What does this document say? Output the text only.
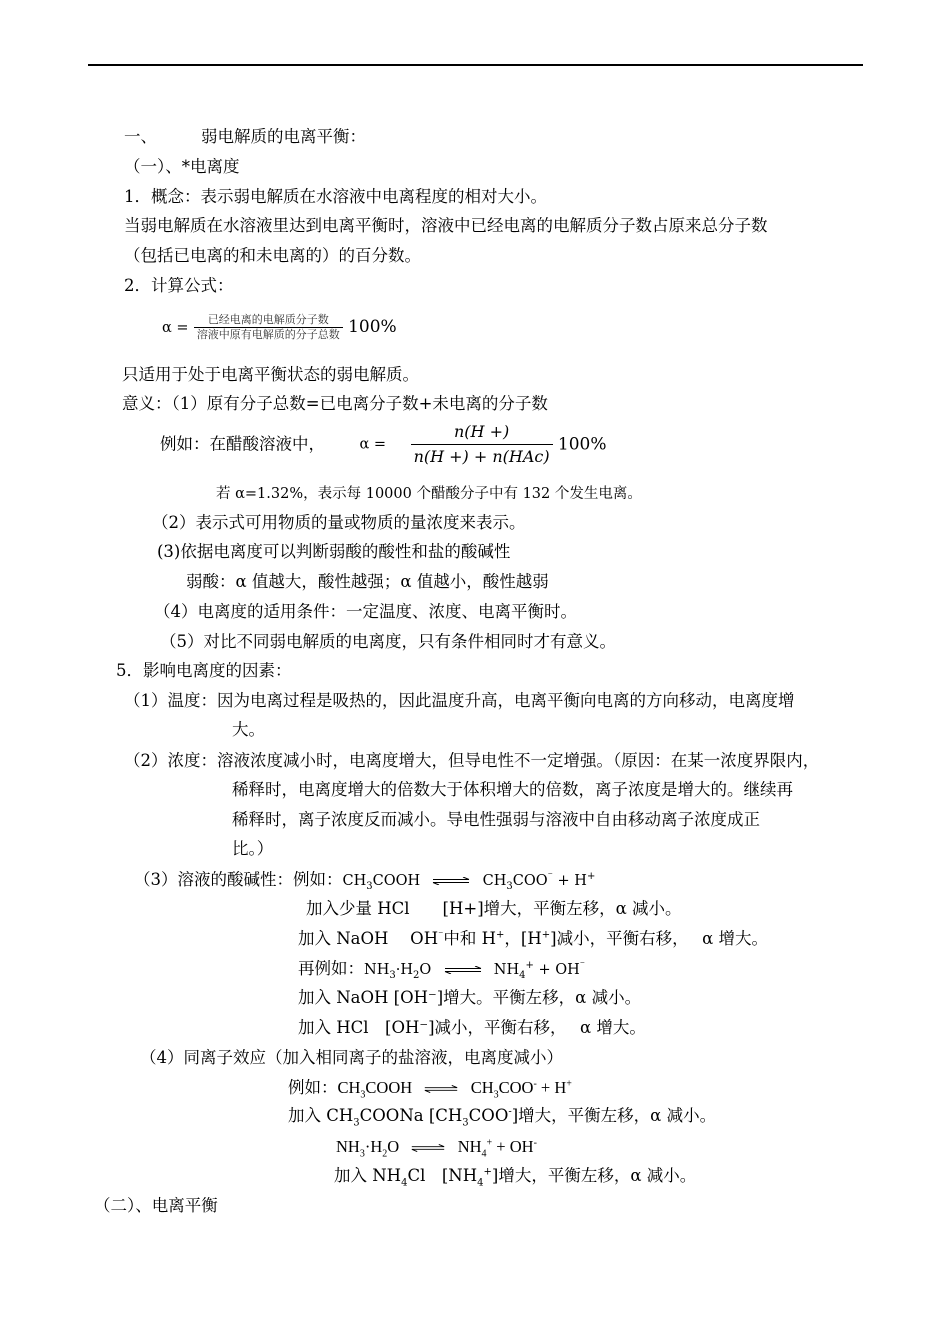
一、	弱电解质的电离平衡：
（一）、*电离度
1．概念：表示弱电解质在水溶液中电离程度的相对大小。
当弱电解质在水溶液里达到电离平衡时，溶液中已经电离的电解质分子数占原来总分子数
（包括已电离的和未电离的）的百分数。
2．计算公式：
$\alpha = \frac{\text{已经电离的电解质分子数}}{\text{溶液中原有电解质的分子总数}} 100\%$
只适用于处于电离平衡状态的弱电解质。
意义：（1）原有分子总数=已电离分子数+未电离的分子数
例如：在醋酸溶液中， $\alpha = \frac{n(H +)}{\text{n(H +) + n(HAc)}} 100\%$
若 α=1.32%，表示每 10000 个醋酸分子中有 132 个发生电离。
（2）表示式可用物质的量或物质的量浓度来表示。
(3)依据电离度可以判断弱酸的酸性和盐的酸碱性
弱酸：α 值越大，酸性越强；α 值越小，酸性越弱
（4）电离度的适用条件：一定温度、浓度、电离平衡时。
（5）对比不同弱电解质的电离度，只有条件相同时才有意义。
5．影响电离度的因素：
（1）温度：因为电离过程是吸热的，因此温度升高，电离平衡向电离的方向移动，电离度增
大。
（2）浓度：溶液浓度减小时，电离度增大，但导电性不一定增强。（原因：在某一浓度界限内，
稀释时，电离度增大的倍数大于体积增大的倍数，离子浓度是增大的。继续再
稀释时，离子浓度反而减小。导电性强弱与溶液中自由移动离子浓度成正
比。）
（3）溶液的酸碱性：例如：$CH_3COOH$ ⇌ $CH_3COO^{^-} + H^+$
加入少量 HCl　　[H+]增大，平衡左移，α 减小。
加入 NaOH　 OH⁻中和 H+，[H+]减小，平衡右移，　 α 增大。
再例如：$NH_3\cdot H_2O$ ⇌ $NH_4^+ + OH^{^-}$
加入 NaOH [OH⁻]增大。平衡左移，α 减小。
加入 HCl　[OH⁻]减小，平衡右移，　 α 增大。
（4）同离子效应（加入相同离子的盐溶液，电离度减小）
例如：$CH_3COOH$ ⇌ $CH_3COO^- + H^+$
加入 $CH_3COONa$ $[CH_3COO^-]$增大，平衡左移，α 减小。
$NH_3\cdot H_2O$ ⇌ $NH_4^+ + OH^-$
加入 $NH_4Cl$　$[NH_4^+]$增大，平衡左移，α 减小。
（二）、电离平衡
